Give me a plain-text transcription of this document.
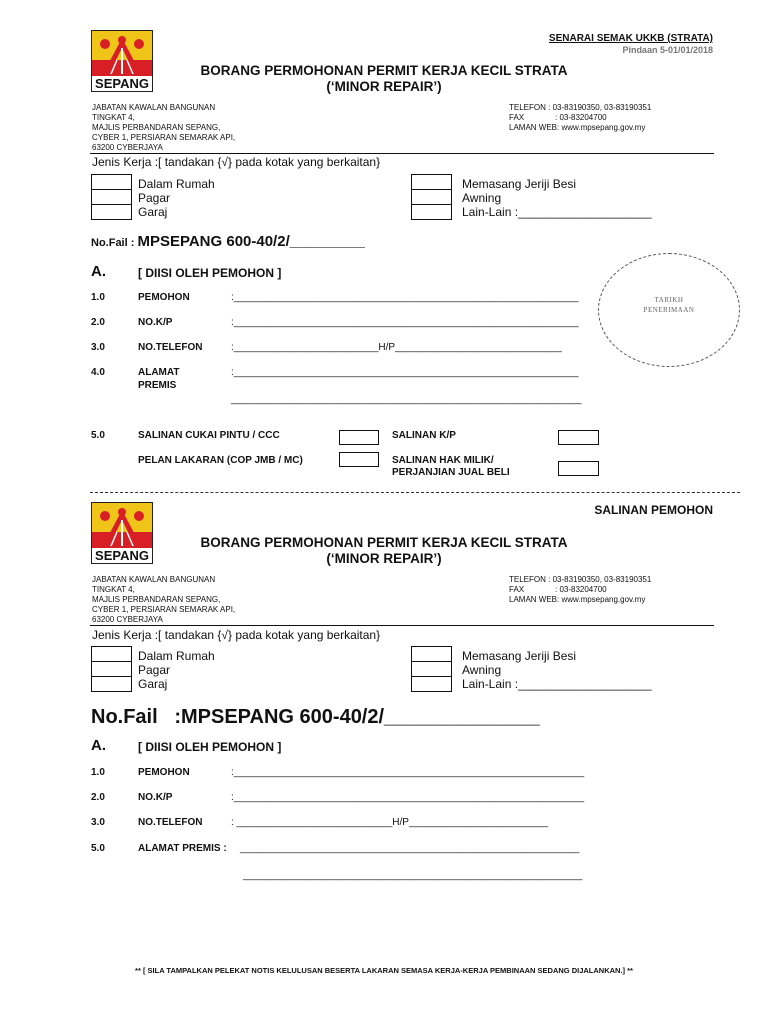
SENARAI SEMAK UKKB (STRATA)
Pindaan 5-01/01/2018
SEPANG
BORANG PERMOHONAN PERMIT KERJA KECIL STRATA
(‘MINOR REPAIR’)
JABATAN KAWALAN BANGUNAN
TINGKAT 4,
MAJLIS PERBANDARAN SEPANG,
CYBER 1, PERSIARAN SEMARAK API,
63200 CYBERJAYA
TELEFON : 03-83190350, 03-83190351
FAX	: 03-83204700
LAMAN WEB: www.mpsepang.gov.my
Jenis Kerja :[ tandakan {√} pada kotak yang berkaitan}
Dalam Rumah
Pagar
Garaj
Memasang Jeriji Besi
Awning
Lain-Lain :____________________
No.Fail : MPSEPANG 600-40/2/_________
A.	[ DIISI OLEH PEMOHON ]
1.0	PEMOHON	:______________________________________________________________
2.0	NO.K/P	:______________________________________________________________
3.0	NO.TELEFON	:__________________________H/P______________________________
4.0	ALAMAT
PREMIS
:______________________________________________________________
_______________________________________________________________
TARIKH
PENERIMAAN
5.0	SALINAN CUKAI PINTU / CCC	SALINAN K/P
PELAN LAKARAN (COP JMB / MC)	SALINAN HAK MILIK/
PERJANJIAN JUAL BELI
SALINAN PEMOHON
SEPANG
BORANG PERMOHONAN PERMIT KERJA KECIL STRATA
(‘MINOR REPAIR’)
JABATAN KAWALAN BANGUNAN
TINGKAT 4,
MAJLIS PERBANDARAN SEPANG,
CYBER 1, PERSIARAN SEMARAK API,
63200 CYBERJAYA
TELEFON : 03-83190350, 03-83190351
FAX	: 03-83204700
LAMAN WEB: www.mpsepang.gov.my
Jenis Kerja :[ tandakan {√} pada kotak yang berkaitan}
Dalam Rumah
Pagar
Garaj
Memasang Jeriji Besi
Awning
Lain-Lain :____________________
No.Fail   :MPSEPANG 600-40/2/______________
A.	[ DIISI OLEH PEMOHON ]
1.0	PEMOHON	:_______________________________________________________________
2.0	NO.K/P	:_______________________________________________________________
3.0	NO.TELEFON	: ____________________________H/P_________________________
5.0	ALAMAT PREMIS : _____________________________________________________________
_____________________________________________________________
** [ SILA TAMPALKAN PELEKAT NOTIS KELULUSAN BESERTA LAKARAN SEMASA KERJA-KERJA PEMBINAAN SEDANG DIJALANKAN.] **
